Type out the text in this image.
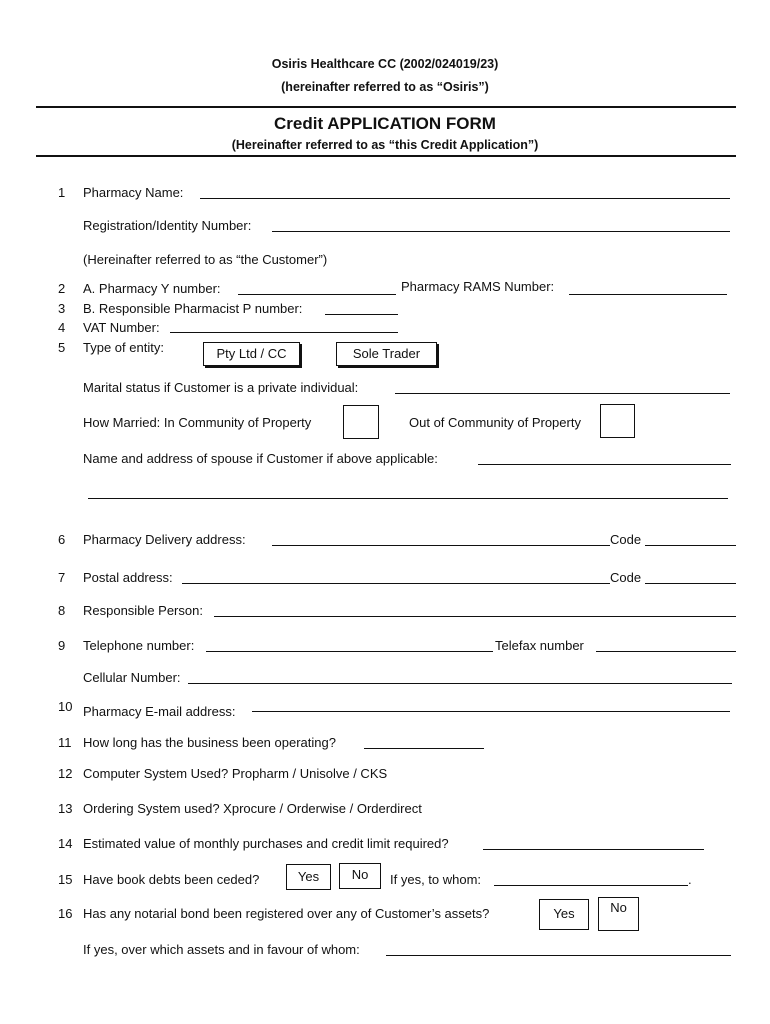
Osiris Healthcare CC (2002/024019/23)
(hereinafter referred to as “Osiris”)
Credit APPLICATION FORM
(Hereinafter referred to as “this Credit Application”)
1 Pharmacy Name:
Registration/Identity Number:
(Hereinafter referred to as “the Customer”)
2 A. Pharmacy Y number:	Pharmacy RAMS Number:
3 B. Responsible Pharmacist P number:
4 VAT Number:
5 Type of entity:	Pty Ltd / CC	Sole Trader
Marital status if Customer is a private individual:
How Married: In Community of Property	Out of Community of Property
Name and address of spouse if Customer if above applicable:
6 Pharmacy Delivery address:	Code
7 Postal address:	Code
8 Responsible Person:
9 Telephone number:	Telefax number
Cellular Number:
10 Pharmacy E-mail address:
11 How long has the business been operating?
12 Computer System Used? Propharm / Unisolve / CKS
13 Ordering System used? Xprocure / Orderwise / Orderdirect
14 Estimated value of monthly purchases and credit limit required?
15 Have book debts been ceded?	Yes	No	If yes, to whom:	.
16 Has any notarial bond been registered over any of Customer’s assets?	Yes	No
If yes, over which assets and in favour of whom:
